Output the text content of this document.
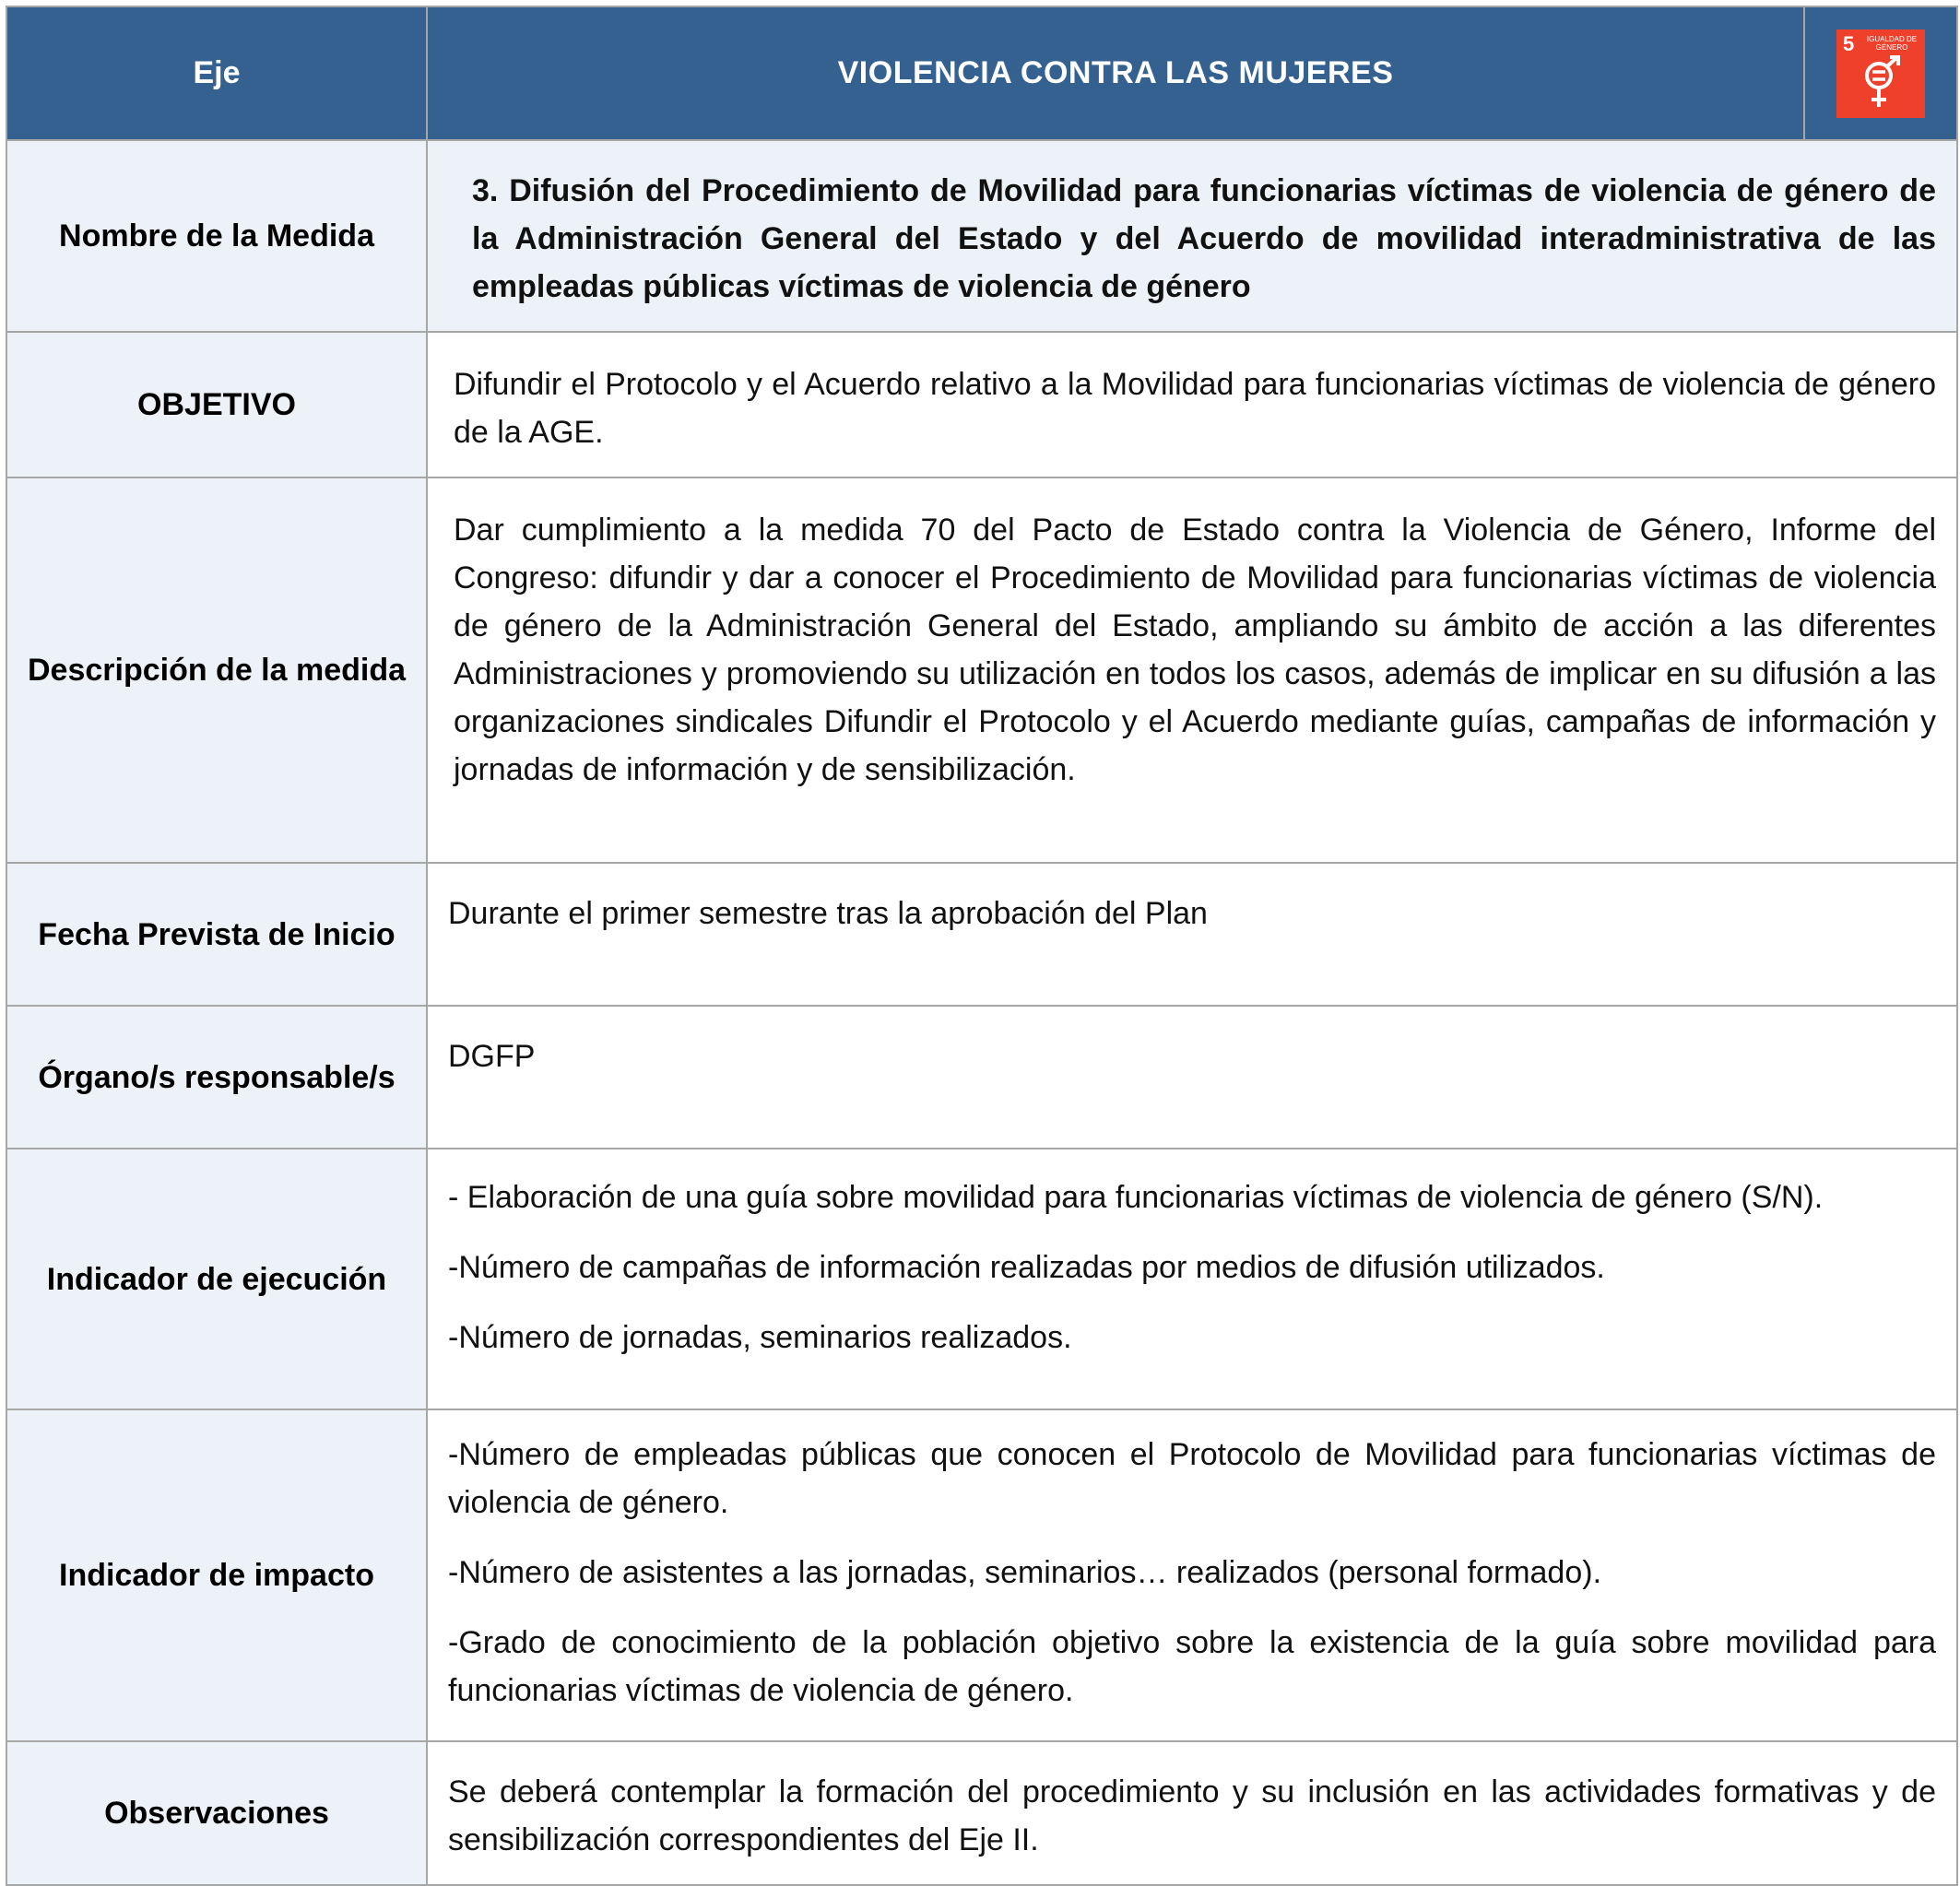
Eje	VIOLENCIA CONTRA LAS MUJERES	5 IGUALDAD DE GÉNERO

Nombre de la Medida	3. Difusión del Procedimiento de Movilidad para funcionarias víctimas de violencia de género de la Administración General del Estado y del Acuerdo de movilidad interadministrativa de las empleadas públicas víctimas de violencia de género	
OBJETIVO	Difundir el Protocolo y el Acuerdo relativo a la Movilidad para funcionarias víctimas de violencia de género de la AGE.	
Descripción de la medida	Dar cumplimiento a la medida 70 del Pacto de Estado contra la Violencia de Género, Informe del Congreso: difundir y dar a conocer el Procedimiento de Movilidad para funcionarias víctimas de violencia de género de la Administración General del Estado, ampliando su ámbito de acción a las diferentes Administraciones y promoviendo su utilización en todos los casos, además de implicar en su difusión a las organizaciones sindicales Difundir el Protocolo y el Acuerdo mediante guías, campañas de información y jornadas de información y de sensibilización.	
Fecha Prevista de Inicio	Durante el primer semestre tras la aprobación del Plan	
Órgano/s responsable/s	DGFP	
Indicador de ejecución	- Elaboración de una guía sobre movilidad para funcionarias víctimas de violencia de género (S/N).

-Número de campañas de información realizadas por medios de difusión utilizados.

-Número de jornadas, seminarios realizados.	

Indicador de impacto	-Número de empleadas públicas que conocen el Protocolo de Movilidad para funcionarias víctimas de violencia de género.

-Número de asistentes a las jornadas, seminarios… realizados (personal formado).

-Grado de conocimiento de la población objetivo sobre la existencia de la guía sobre movilidad para funcionarias víctimas de violencia de género.	

Observaciones	Se deberá contemplar la formación del procedimiento y su inclusión en las actividades formativas y de sensibilización correspondientes del Eje II.	
